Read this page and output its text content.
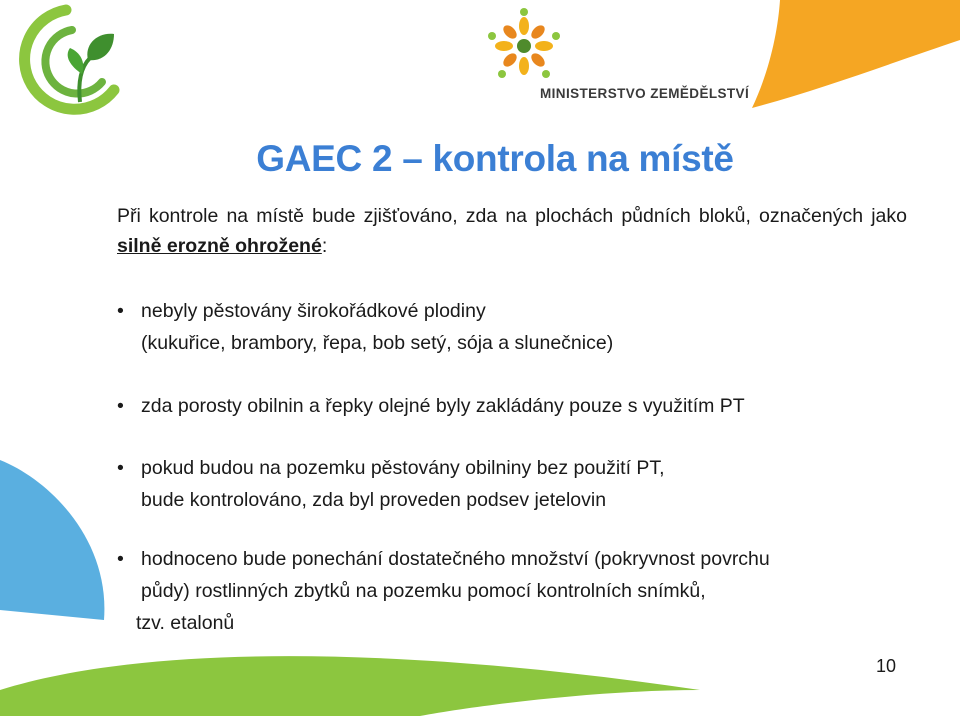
MINISTERSTVO ZEMĚDĚLSTVÍ
GAEC 2 – kontrola na místě

Při kontrole na místě bude zjišťováno, zda na plochách půdních bloků, označených jako silně erozně ohrožené:

• nebyly pěstovány širokořádkové plodiny
(kukuřice, brambory, řepa, bob setý, sója a slunečnice)
• zda porosty obilnin a řepky olejné byly zakládány pouze s využitím PT
• pokud budou na pozemku pěstovány obilniny bez použití PT,
bude kontrolováno, zda byl proveden podsev jetelovin
• hodnoceno bude ponechání dostatečného množství (pokryvnost povrchu
půdy) rostlinných zbytků na pozemku pomocí kontrolních snímků,
tzv. etalonů
10
